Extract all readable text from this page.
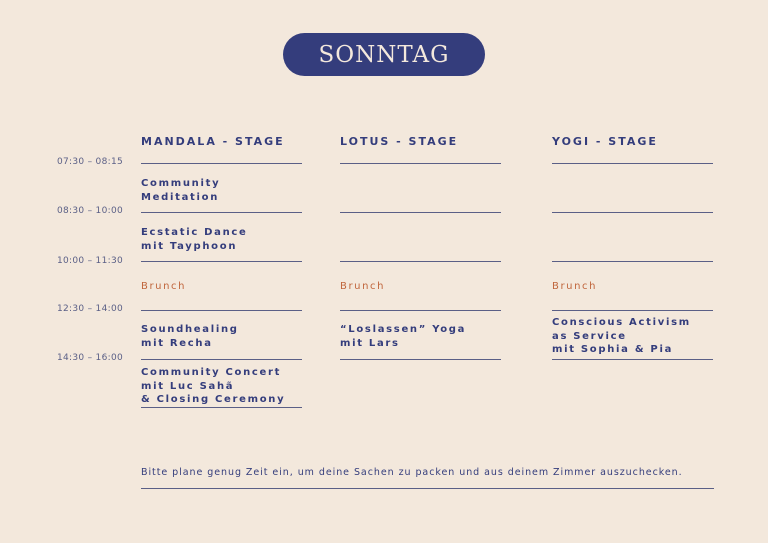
SONNTAG
MANDALA - STAGE	LOTUS - STAGE	YOGI - STAGE
07:30 – 08:15
08:30 – 10:00
10:00 – 11:30
12:30 – 14:00
14:30 – 16:00
Community
Meditation
Ecstatic Dance
mit Tayphoon
Brunch
Soundhealing
mit Recha
Community Concert
mit Luc Sahã
& Closing Ceremony
Brunch
“Loslassen” Yoga
mit Lars
Brunch
Conscious Activism
as Service
mit Sophia & Pia
Bitte plane genug Zeit ein, um deine Sachen zu packen und aus deinem Zimmer auszuchecken.
